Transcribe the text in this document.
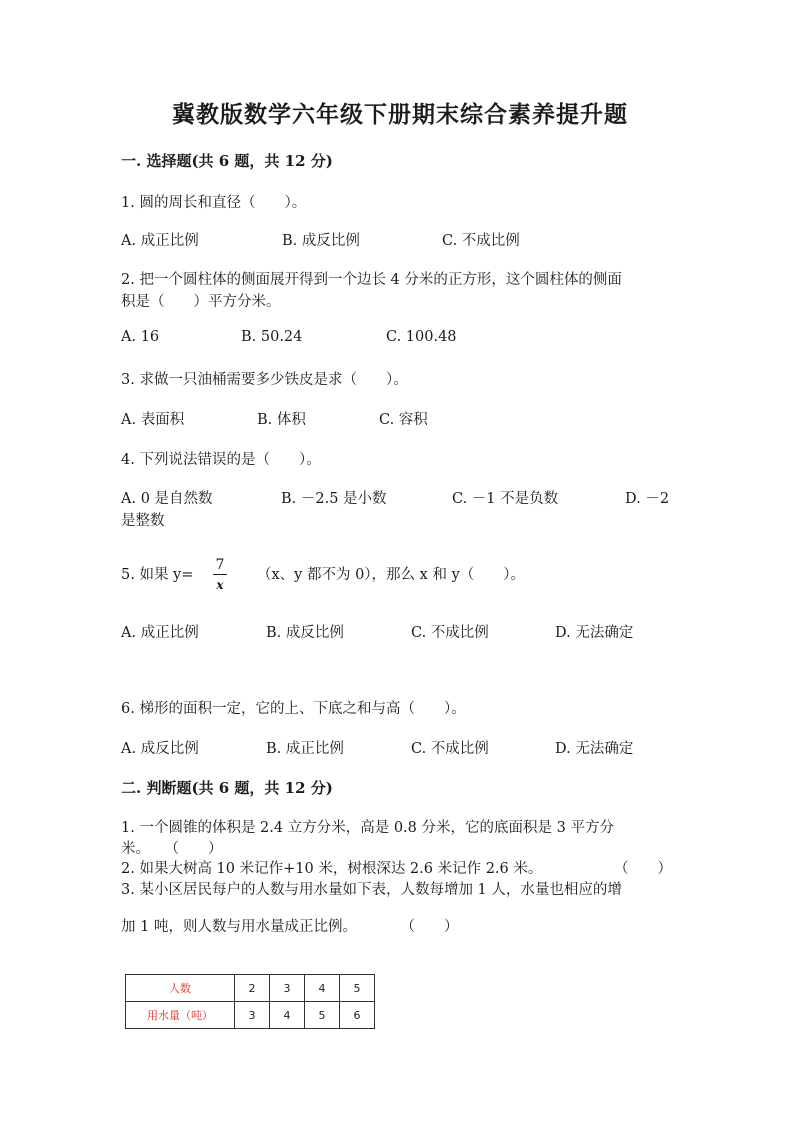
冀教版数学六年级下册期末综合素养提升题
一. 选择题(共 6 题，共 12 分)
1. 圆的周长和直径（　　）。
A. 成正比例	B. 成反比例	C. 不成比例
2. 把一个圆柱体的侧面展开得到一个边长 4 分米的正方形，这个圆柱体的侧面
积是（　　）平方分米。
A. 16	B. 50.24	C. 100.48
3. 求做一只油桶需要多少铁皮是求（　　）。
A. 表面积	B. 体积	C. 容积
4. 下列说法错误的是（　　）。
A. 0 是自然数	B. －2.5 是小数	C. －1 不是负数	D. －2
是整数
5. 如果 $y= \frac{7}{x} (x$、y 都不为 0），那么 x 和 y（　　）。
A. 成正比例	B. 成反比例	C. 不成比例	D. 无法确定
6. 梯形的面积一定，它的上、下底之和与高（　　）。
A. 成反比例	B. 成正比例	C. 不成比例	D. 无法确定
二. 判断题(共 6 题，共 12 分)
1. 一个圆锥的体积是 2.4 立方分米，高是 0.8 分米，它的底面积是 3 平方分
米。　　（　　）
2. 如果大树高 10 米记作+10 米，树根深达 2.6 米记作 2.6 米。	（　　）
3. 某小区居民每户的人数与用水量如下表，人数每增加 1 人，水量也相应的增
加 1 吨，则人数与用水量成正比例。　　　　（　　）
人数	2	3	4	5
用水量（吨）	3	4	5	6
